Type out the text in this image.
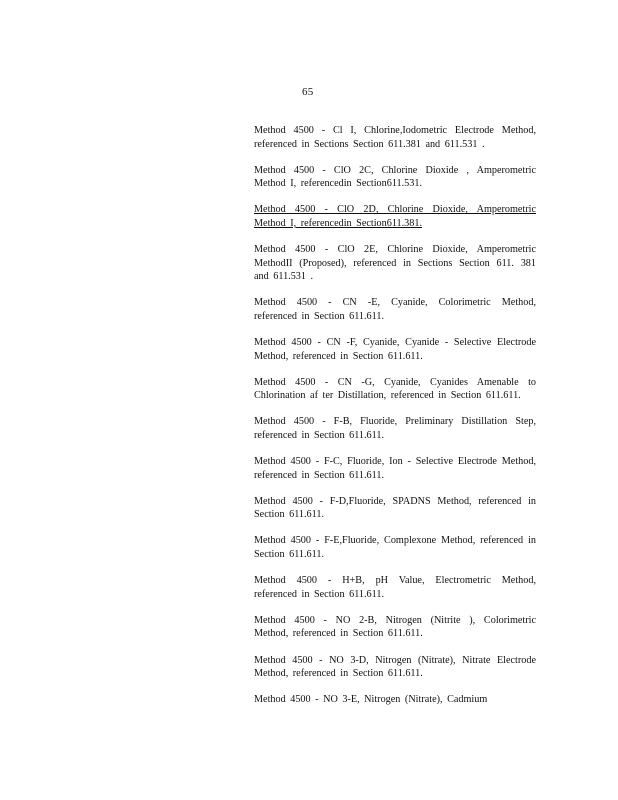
65

Method 4500 - Cl I, Chlorine,Iodometric Electrode Method, referenced in Sections Section 611.381 and 611.531 .

Method 4500 - ClO 2C, Chlorine Dioxide , Amperometric Method I, referencedin Section611.531.

Method 4500 - ClO 2D, Chlorine Dioxide, Amperometric Method I, referencedin Section611.381.

Method 4500 - ClO 2E, Chlorine Dioxide, Amperometric MethodII (Proposed), referenced in Sections Section 611. 381 and 611.531 .

Method 4500 - CN -E, Cyanide, Colorimetric Method, referenced in Section 611.611.

Method 4500 - CN -F, Cyanide, Cyanide - Selective Electrode Method, referenced in Section 611.611.

Method 4500 - CN -G, Cyanide, Cyanides Amenable to Chlorination af ter Distillation, referenced in Section 611.611.

Method 4500 - F-B, Fluoride, Preliminary Distillation Step, referenced in Section 611.611.

Method 4500 - F-C, Fluoride, Ion - Selective Electrode Method, referenced in Section 611.611.

Method 4500 - F-D,Fluoride, SPADNS Method, referenced in Section 611.611.

Method 4500 - F-E,Fluoride, Complexone Method, referenced in Section 611.611.

Method 4500 - H+B, pH Value, Electrometric Method, referenced in Section 611.611.

Method 4500 - NO 2-B, Nitrogen (Nitrite ), Colorimetric Method, referenced in Section 611.611.

Method 4500 - NO 3-D, Nitrogen (Nitrate), Nitrate Electrode Method, referenced in Section 611.611.

Method 4500 - NO 3-E, Nitrogen (Nitrate), Cadmium
